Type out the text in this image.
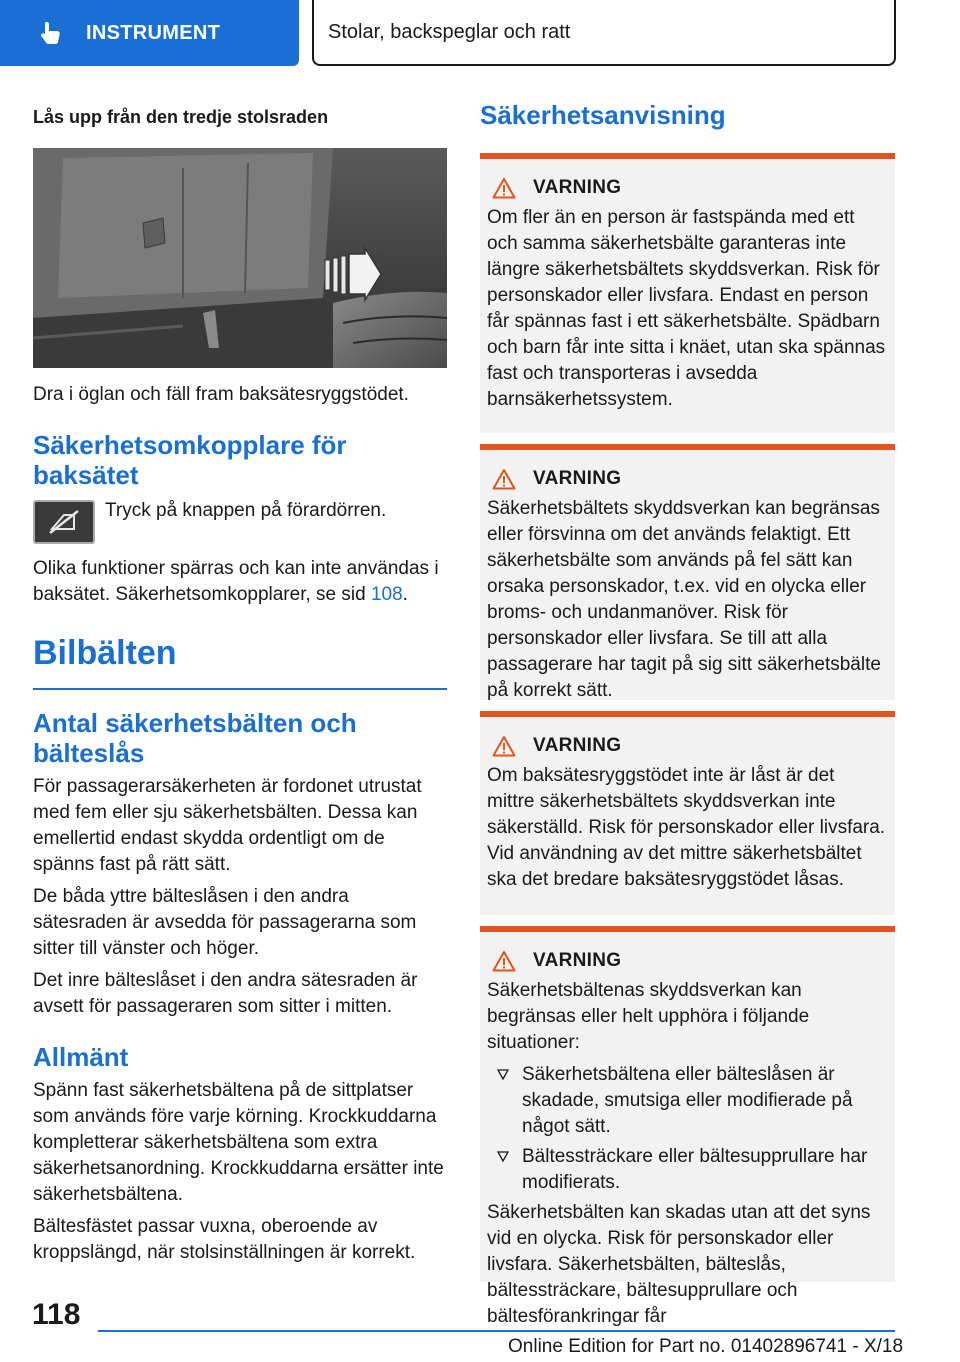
INSTRUMENT	Stolar, backspeglar och ratt
Lås upp från den tredje stolsraden
Dra i öglan och fäll fram baksätesryggstödet.
Säkerhetsomkopplare för baksätet
Tryck på knappen på förardörren.
Olika funktioner spärras och kan inte användas i baksätet. Säkerhetsomkopplarer, se sid 108.
Bilbälten
Antal säkerhetsbälten och bälteslås
För passagerarsäkerheten är fordonet utrustat med fem eller sju säkerhetsbälten. Dessa kan emellertid endast skydda ordentligt om de spänns fast på rätt sätt.
De båda yttre bälteslåsen i den andra sätesraden är avsedda för passagerarna som sitter till vänster och höger.
Det inre bälteslåset i den andra sätesraden är avsett för passageraren som sitter i mitten.
Allmänt
Spänn fast säkerhetsbältena på de sittplatser som används före varje körning. Krockkuddarna kompletterar säkerhetsbältena som extra säkerhetsanordning. Krockkuddarna ersätter inte säkerhetsbältena.
Bältesfästet passar vuxna, oberoende av kroppslängd, när stolsinställningen är korrekt.
Säkerhetsanvisning
VARNING
Om fler än en person är fastspända med ett och samma säkerhetsbälte garanteras inte längre säkerhetsbältets skyddsverkan. Risk för personskador eller livsfara. Endast en person får spännas fast i ett säkerhetsbälte. Spädbarn och barn får inte sitta i knäet, utan ska spännas fast och transporteras i avsedda barnsäkerhetssystem.
VARNING
Säkerhetsbältets skyddsverkan kan begränsas eller försvinna om det används felaktigt. Ett säkerhetsbälte som används på fel sätt kan orsaka personskador, t.ex. vid en olycka eller broms- och undanmanöver. Risk för personskador eller livsfara. Se till att alla passagerare har tagit på sig sitt säkerhetsbälte på korrekt sätt.
VARNING
Om baksätesryggstödet inte är låst är det mittre säkerhetsbältets skyddsverkan inte säkerställd. Risk för personskador eller livsfara. Vid användning av det mittre säkerhetsbältet ska det bredare baksätesryggstödet låsas.
VARNING
Säkerhetsbältenas skyddsverkan kan begränsas eller helt upphöra i följande situationer:
Säkerhetsbältena eller bälteslåsen är skadade, smutsiga eller modifierade på något sätt.
Bältessträckare eller bältesupprullare har modifierats.
Säkerhetsbälten kan skadas utan att det syns vid en olycka. Risk för personskador eller livsfara. Säkerhetsbälten, bälteslås, bältessträckare, bältesupprullare och bältesförankringar får
118
Online Edition for Part no. 01402896741 - X/18
